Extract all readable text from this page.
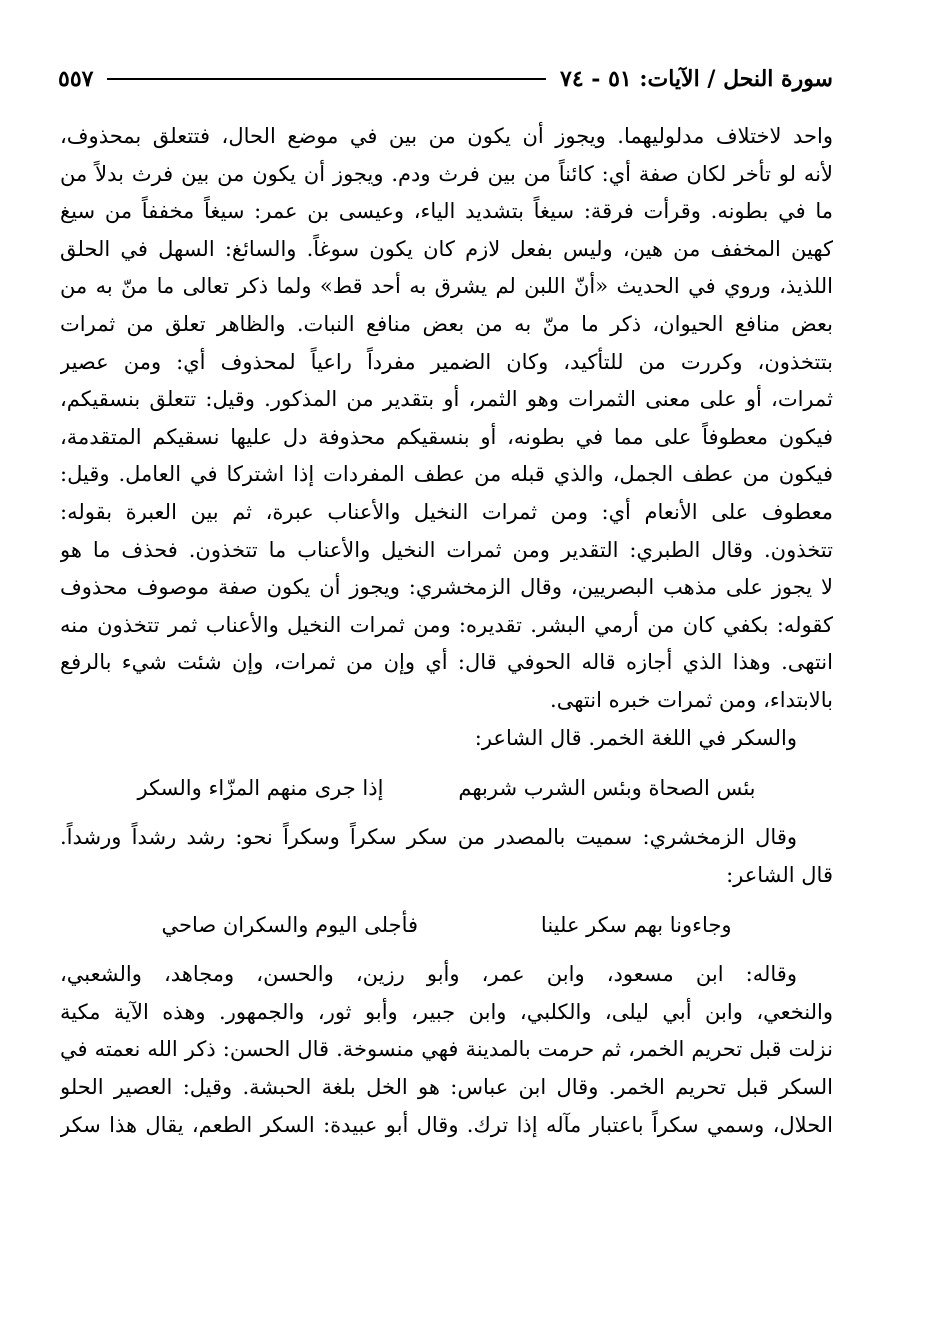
سورة النحل / الآيات: ٥١ - ٧٤
٥٥٧
واحد لاختلاف مدلوليهما. ويجوز أن يكون من بين في موضع الحال، فتتعلق بمحذوف،
لأنه لو تأخر لكان صفة أي: كائناً من بين فرث ودم. ويجوز أن يكون من بين فرث بدلاً من
ما في بطونه. وقرأت فرقة: سيغاً بتشديد الياء، وعيسى بن عمر: سيغاً مخففاً من سيغ
كهين المخفف من هين، وليس بفعل لازم كان يكون سوغاً. والسائغ: السهل في الحلق
اللذيذ، وروي في الحديث «أنّ اللبن لم يشرق به أحد قط» ولما ذكر تعالى ما منّ به من
بعض منافع الحيوان، ذكر ما منّ به من بعض منافع النبات. والظاهر تعلق من ثمرات
بتتخذون، وكررت من للتأكيد، وكان الضمير مفرداً راعياً لمحذوف أي: ومن عصير
ثمرات، أو على معنى الثمرات وهو الثمر، أو بتقدير من المذكور. وقيل: تتعلق بنسقيكم،
فيكون معطوفاً على مما في بطونه، أو بنسقيكم محذوفة دل عليها نسقيكم المتقدمة،
فيكون من عطف الجمل، والذي قبله من عطف المفردات إذا اشتركا في العامل. وقيل:
معطوف على الأنعام أي: ومن ثمرات النخيل والأعناب عبرة، ثم بين العبرة بقوله:
تتخذون. وقال الطبري: التقدير ومن ثمرات النخيل والأعناب ما تتخذون. فحذف ما هو
لا يجوز على مذهب البصريين، وقال الزمخشري: ويجوز أن يكون صفة موصوف محذوف
كقوله: بكفي كان من أرمي البشر. تقديره: ومن ثمرات النخيل والأعناب ثمر تتخذون منه
انتهى. وهذا الذي أجازه قاله الحوفي قال: أي وإن من ثمرات، وإن شئت شيء بالرفع
بالابتداء، ومن ثمرات خبره انتهى.
والسكر في اللغة الخمر. قال الشاعر:
بئس الصحاة وبئس الشرب شربهم
إذا جرى منهم المزّاء والسكر
وقال الزمخشري: سميت بالمصدر من سكر سكراً وسكراً نحو: رشد رشداً ورشداً.
قال الشاعر:
وجاءونا بهم سكر علينا
فأجلى اليوم والسكران صاحي
وقاله: ابن مسعود، وابن عمر، وأبو رزين، والحسن، ومجاهد، والشعبي،
والنخعي، وابن أبي ليلى، والكلبي، وابن جبير، وأبو ثور، والجمهور. وهذه الآية مكية
نزلت قبل تحريم الخمر، ثم حرمت بالمدينة فهي منسوخة. قال الحسن: ذكر الله نعمته في
السكر قبل تحريم الخمر. وقال ابن عباس: هو الخل بلغة الحبشة. وقيل: العصير الحلو
الحلال، وسمي سكراً باعتبار مآله إذا ترك. وقال أبو عبيدة: السكر الطعم، يقال هذا سكر
